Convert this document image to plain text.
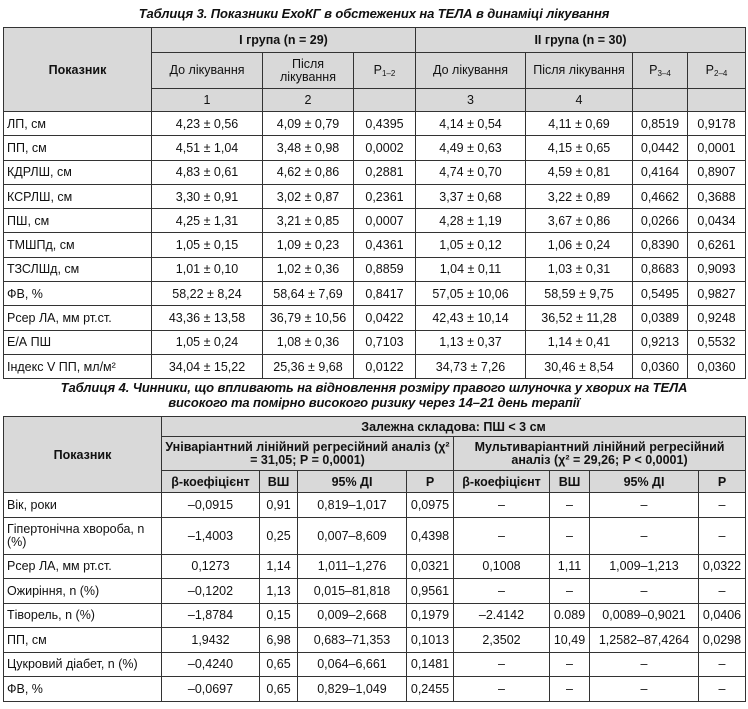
Таблиця 3. Показники ЕхоКГ в обстежених на ТЕЛА в динаміці лікування
Показник	I група (n = 29)			II група (n = 30)			
	До лікування	Після лікування	$P_{1-2}$	До лікування	Після лікування	$P_{3-4}$	$P_{2-4}$
	1	2		3	4		
ЛП, см	4,23 ± 0,56	4,09 ± 0,79	0,4395	4,14 ± 0,54	4,11 ± 0,69	0,8519	0,9178
ПП, см	4,51 ± 1,04	3,48 ± 0,98	0,0002	4,49 ± 0,63	4,15 ± 0,65	0,0442	0,0001
КДРЛШ, см	4,83 ± 0,61	4,62 ± 0,86	0,2881	4,74 ± 0,70	4,59 ± 0,81	0,4164	0,8907
КСРЛШ, см	3,30 ± 0,91	3,02 ± 0,87	0,2361	3,37 ± 0,68	3,22 ± 0,89	0,4662	0,3688
ПШ, см	4,25 ± 1,31	3,21 ± 0,85	0,0007	4,28 ± 1,19	3,67 ± 0,86	0,0266	0,0434
ТМШПд, см	1,05 ± 0,15	1,09 ± 0,23	0,4361	1,05 ± 0,12	1,06 ± 0,24	0,8390	0,6261
ТЗСЛШд, см	1,01 ± 0,10	1,02 ± 0,36	0,8859	1,04 ± 0,11	1,03 ± 0,31	0,8683	0,9093
ФВ, %	58,22 ± 8,24	58,64 ± 7,69	0,8417	57,05 ± 10,06	58,59 ± 9,75	0,5495	0,9827
Рсер ЛА, мм рт.ст.	43,36 ± 13,58	36,79 ± 10,56	0,0422	42,43 ± 10,14	36,52 ± 11,28	0,0389	0,9248
Е/А ПШ	1,05 ± 0,24	1,08 ± 0,36	0,7103	1,13 ± 0,37	1,14 ± 0,41	0,9213	0,5532
Індекс V ПП, мл/м²	34,04 ± 15,22	25,36 ± 9,68	0,0122	34,73 ± 7,26	30,46 ± 8,54	0,0360	0,0360
Таблиця 4. Чинники, що впливають на відновлення розміру правого шлуночка у хворих на ТЕЛА
високого та помірно високого ризику через 14–21 день терапії
Показник	Залежна складова: ПШ < 3 см							
	Уніваріантний лінійний регресійний аналіз (χ² = 31,05; Р = 0,0001)				Мультиваріантний лінійний регресійний аналіз (χ² = 29,26; Р < 0,0001)			
	β-коефіцієнт	ВШ	95% ДІ	P	β-коефіцієнт	ВШ	95% ДІ	P
Вік, роки	–0,0915	0,91	0,819–1,017	0,0975	–	–	–	–
Гіпертонічна хвороба, n (%)	–1,4003	0,25	0,007–8,609	0,4398	–	–	–	–
Рсер ЛА, мм рт.ст.	0,1273	1,14	1,011–1,276	0,0321	0,1008	1,11	1,009–1,213	0,0322
Ожиріння, n (%)	–0,1202	1,13	0,015–81,818	0,9561	–	–	–	–
Тіворель, n (%)	–1,8784	0,15	0,009–2,668	0,1979	–2.4142	0.089	0,0089–0,9021	0,0406
ПП, см	1,9432	6,98	0,683–71,353	0,1013	2,3502	10,49	1,2582–87,4264	0,0298
Цукровий діабет, n (%)	–0,4240	0,65	0,064–6,661	0,1481	–	–	–	–
ФВ, %	–0,0697	0,65	0,829–1,049	0,2455	–	–	–	–
